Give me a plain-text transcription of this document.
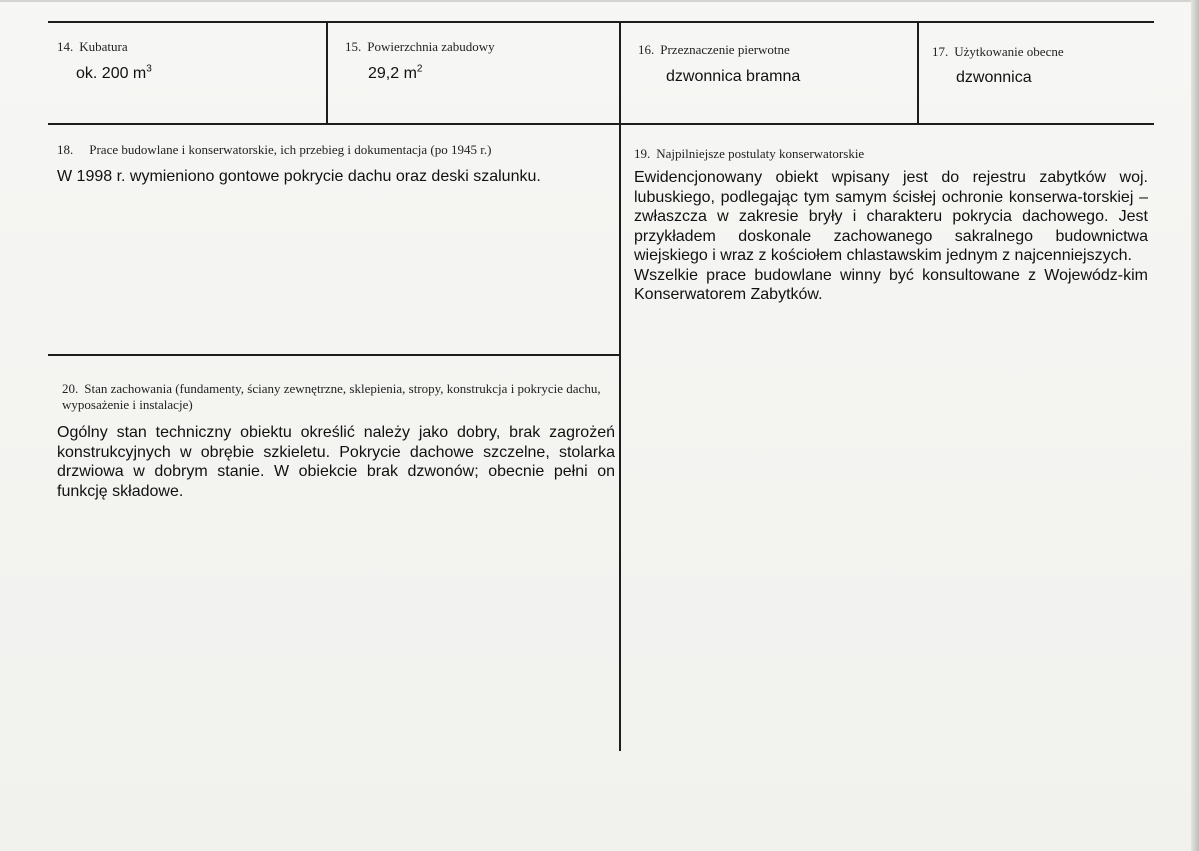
14. Kubatura
ok. 200 $m^3$
15. Powierzchnia zabudowy
29,2 $m^2$
16. Przeznaczenie pierwotne
dzwonnica bramna
17. Użytkowanie obecne
dzwonnica
18. Prace budowlane i konserwatorskie, ich przebieg i dokumentacja (po 1945 r.)
W 1998 r. wymieniono gontowe pokrycie dachu oraz deski szalunku.
19. Najpilniejsze postulaty konserwatorskie

Ewidencjonowany obiekt wpisany jest do rejestru zabytków woj. lubuskiego, podlegając tym samym ścisłej ochronie konserwa-torskiej – zwłaszcza w zakresie bryły i charakteru pokrycia dachowego. Jest przykładem doskonale zachowanego sakralnego budownictwa wiejskiego i wraz z kościołem chlastawskim jednym z najcenniejszych.

Wszelkie prace budowlane winny być konsultowane z Wojewódz-kim Konserwatorem Zabytków.

20. Stan zachowania (fundamenty, ściany zewnętrzne, sklepienia, stropy, konstrukcja i pokrycie dachu, wyposażenie i instalacje)
Ogólny stan techniczny obiektu określić należy jako dobry, brak zagrożeń konstrukcyjnych w obrębie szkieletu. Pokrycie dachowe szczelne, stolarka drzwiowa w dobrym stanie. W obiekcie brak dzwonów; obecnie pełni on funkcję składowe.
